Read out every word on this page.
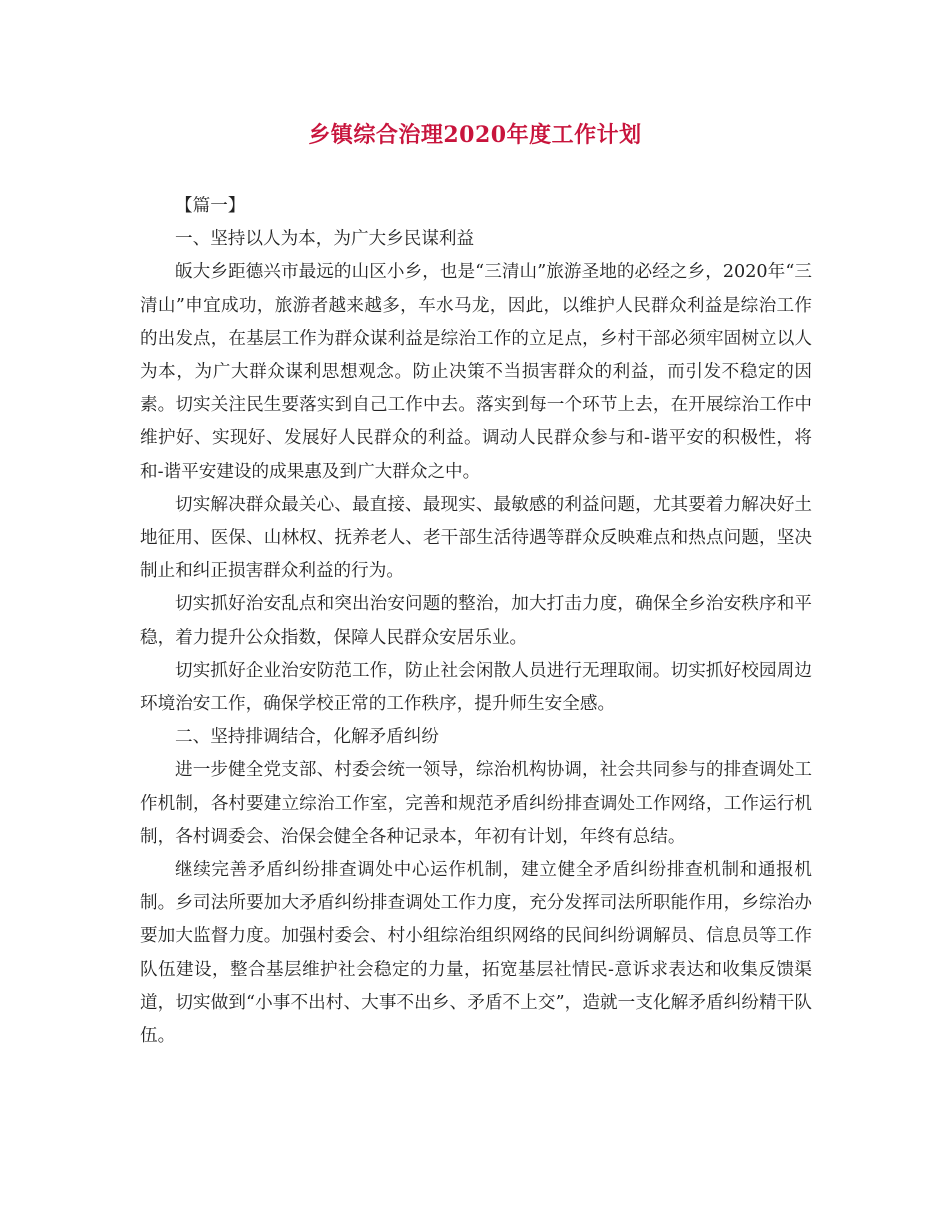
乡镇综合治理2020年度工作计划

【篇一】

一、坚持以人为本，为广大乡民谋利益

皈大乡距德兴市最远的山区小乡，也是“三清山”旅游圣地的必经之乡，2020年“三清山”申宜成功，旅游者越来越多，车水马龙，因此，以维护人民群众利益是综治工作的出发点，在基层工作为群众谋利益是综治工作的立足点，乡村干部必须牢固树立以人为本，为广大群众谋利思想观念。防止决策不当损害群众的利益，而引发不稳定的因素。切实关注民生要落实到自己工作中去。落实到每一个环节上去，在开展综治工作中维护好、实现好、发展好人民群众的利益。调动人民群众参与和-谐平安的积极性，将和-谐平安建设的成果惠及到广大群众之中。

切实解决群众最关心、最直接、最现实、最敏感的利益问题，尤其要着力解决好土地征用、医保、山林权、抚养老人、老干部生活待遇等群众反映难点和热点问题，坚决制止和纠正损害群众利益的行为。

切实抓好治安乱点和突出治安问题的整治，加大打击力度，确保全乡治安秩序和平稳，着力提升公众指数，保障人民群众安居乐业。

切实抓好企业治安防范工作，防止社会闲散人员进行无理取闹。切实抓好校园周边环境治安工作，确保学校正常的工作秩序，提升师生安全感。

二、坚持排调结合，化解矛盾纠纷

进一步健全党支部、村委会统一领导，综治机构协调，社会共同参与的排查调处工作机制，各村要建立综治工作室，完善和规范矛盾纠纷排查调处工作网络，工作运行机制，各村调委会、治保会健全各种记录本，年初有计划，年终有总结。

继续完善矛盾纠纷排查调处中心运作机制，建立健全矛盾纠纷排查机制和通报机制。乡司法所要加大矛盾纠纷排查调处工作力度，充分发挥司法所职能作用，乡综治办要加大监督力度。加强村委会、村小组综治组织网络的民间纠纷调解员、信息员等工作队伍建设，整合基层维护社会稳定的力量，拓宽基层社情民-意诉求表达和收集反馈渠道，切实做到“小事不出村、大事不出乡、矛盾不上交”，造就一支化解矛盾纠纷精干队伍。
